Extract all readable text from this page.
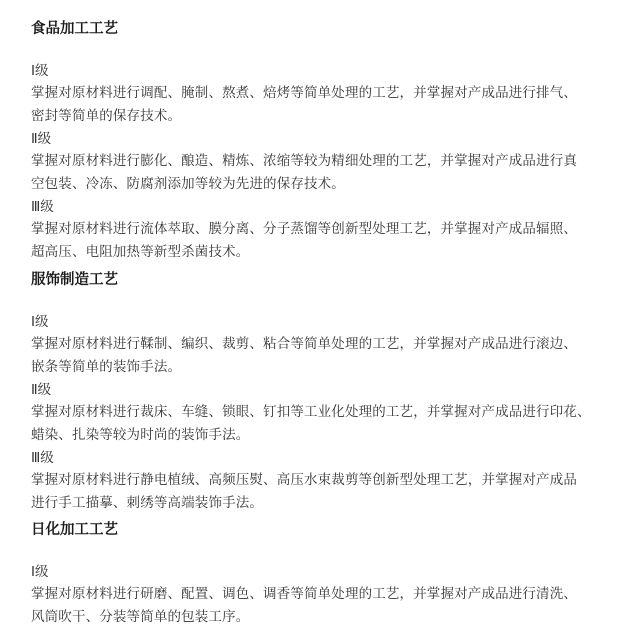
食品加工工艺

Ⅰ级

掌握对原材料进行调配、腌制、熬煮、焙烤等简单处理的工艺，并掌握对产成品进行排气、

密封等简单的保存技术。

Ⅱ级

掌握对原材料进行膨化、酿造、精炼、浓缩等较为精细处理的工艺，并掌握对产成品进行真

空包装、冷冻、防腐剂添加等较为先进的保存技术。

Ⅲ级

掌握对原材料进行流体萃取、膜分离、分子蒸馏等创新型处理工艺，并掌握对产成品辐照、

超高压、电阻加热等新型杀菌技术。

服饰制造工艺

Ⅰ级

掌握对原材料进行鞣制、编织、裁剪、粘合等简单处理的工艺，并掌握对产成品进行滚边、

嵌条等简单的装饰手法。

Ⅱ级

掌握对原材料进行裁床、车缝、锁眼、钉扣等工业化处理的工艺，并掌握对产成品进行印花、

蜡染、扎染等较为时尚的装饰手法。

Ⅲ级

掌握对原材料进行静电植绒、高频压熨、高压水束裁剪等创新型处理工艺，并掌握对产成品

进行手工描摹、刺绣等高端装饰手法。

日化加工工艺

Ⅰ级

掌握对原材料进行研磨、配置、调色、调香等简单处理的工艺，并掌握对产成品进行清洗、

风筒吹干、分装等简单的包装工序。
